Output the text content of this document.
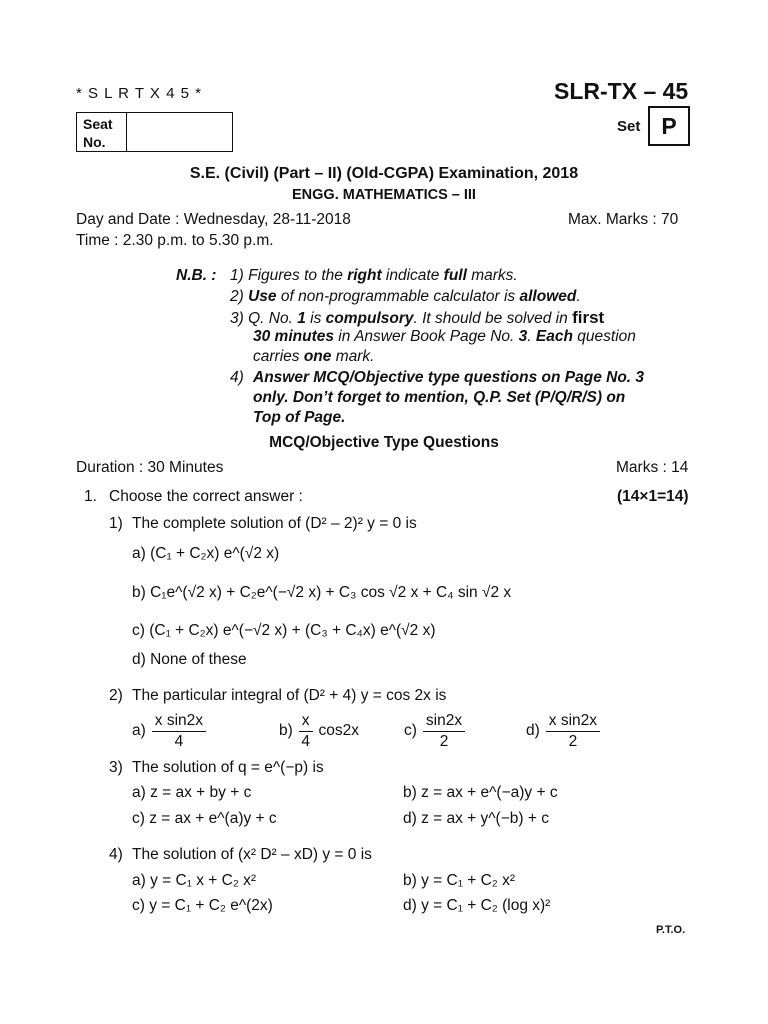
* S L R T X 4 5 *	SLR-TX – 45
Seat
No.
Set P
S.E. (Civil) (Part – II) (Old-CGPA) Examination, 2018
ENGG. MATHEMATICS – III
Day and Date : Wednesday, 28-11-2018	Max. Marks : 70
Time : 2.30 p.m. to 5.30 p.m.
N.B. : 1) Figures to the right indicate full marks.
2) Use of non-programmable calculator is allowed.
3) Q. No. 1 is compulsory. It should be solved in first
30 minutes in Answer Book Page No. 3. Each question
carries one mark.
4) Answer MCQ/Objective type questions on Page No. 3
only. Don’t forget to mention, Q.P. Set (P/Q/R/S) on
Top of Page.
MCQ/Objective Type Questions
Duration : 30 Minutes	Marks : 14
1. Choose the correct answer :	(14×1=14)
1) The complete solution of (D² – 2)² y = 0 is
a) (C₁ + C₂x) e^(√2 x)
b) C₁e^(√2 x) + C₂e^(−√2 x) + C₃ cos √2 x + C₄ sin √2 x
c) (C₁ + C₂x) e^(−√2 x) + (C₃ + C₄x) e^(√2 x)
d) None of these
2) The particular integral of (D² + 4) y = cos 2x is
$a) \frac{\text{x sin2x}}{4}$	$b) \frac{x}{4} \cos 2x$	$c) \frac{\sin 2x}{2}$	$d) \frac{\text{x sin2x}}{2}$
3) The solution of q = e^(−p) is
a) z = ax + by + c	b) z = ax + e^(−a)y + c
c) z = ax + e^(a)y + c	d) z = ax + y^(−b) + c
4) The solution of (x² D² – xD) y = 0 is
a) y = C₁ x + C₂ x²	b) y = C₁ + C₂ x²
c) y = C₁ + C₂ e^(2x)	d) y = C₁ + C₂ (log x)²
P.T.O.
